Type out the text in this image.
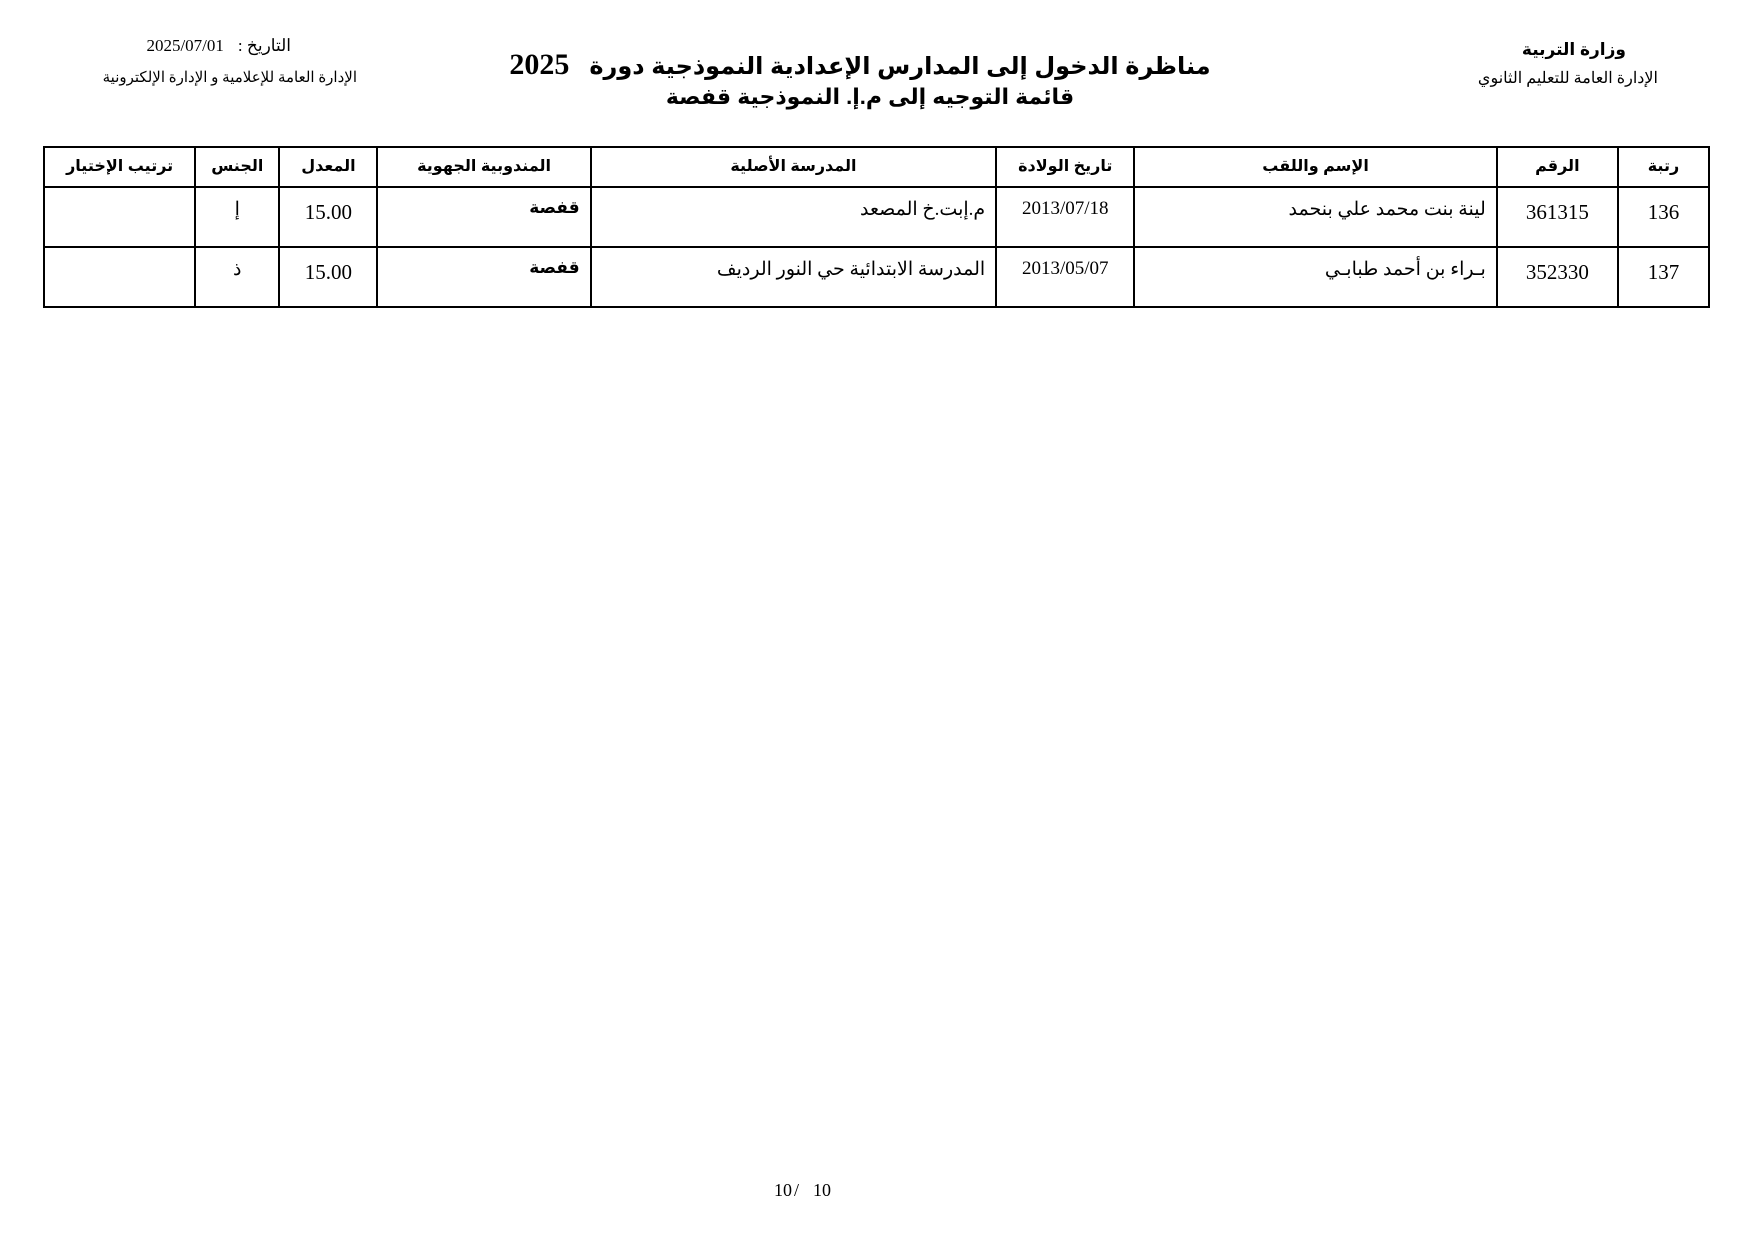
وزارة التربية
الإدارة العامة للتعليم الثانوي
مناظرة الدخول إلى المدارس الإعدادية النموذجية دورة2025
قائمة التوجيه إلى م.إ. النموذجية قفصة
التاريخ :2025/07/01
الإدارة العامة للإعلامية و الإدارة الإلكترونية
رتبة	الرقم	الإسم واللقب	تاريخ الولادة	المدرسة الأصلية	المندوبية الجهوية	المعدل	الجنس	ترتيب الإختيار
136	361315	لينة بنت محمد علي بنحمد	2013/07/18	م.إبت.خ المصعد	قفصة	15.00	إ	
137	352330	بـراء بن أحمد طبابـي	2013/05/07	المدرسة الابتدائية حي النور الرديف	قفصة	15.00	ذ	
10 / 10
